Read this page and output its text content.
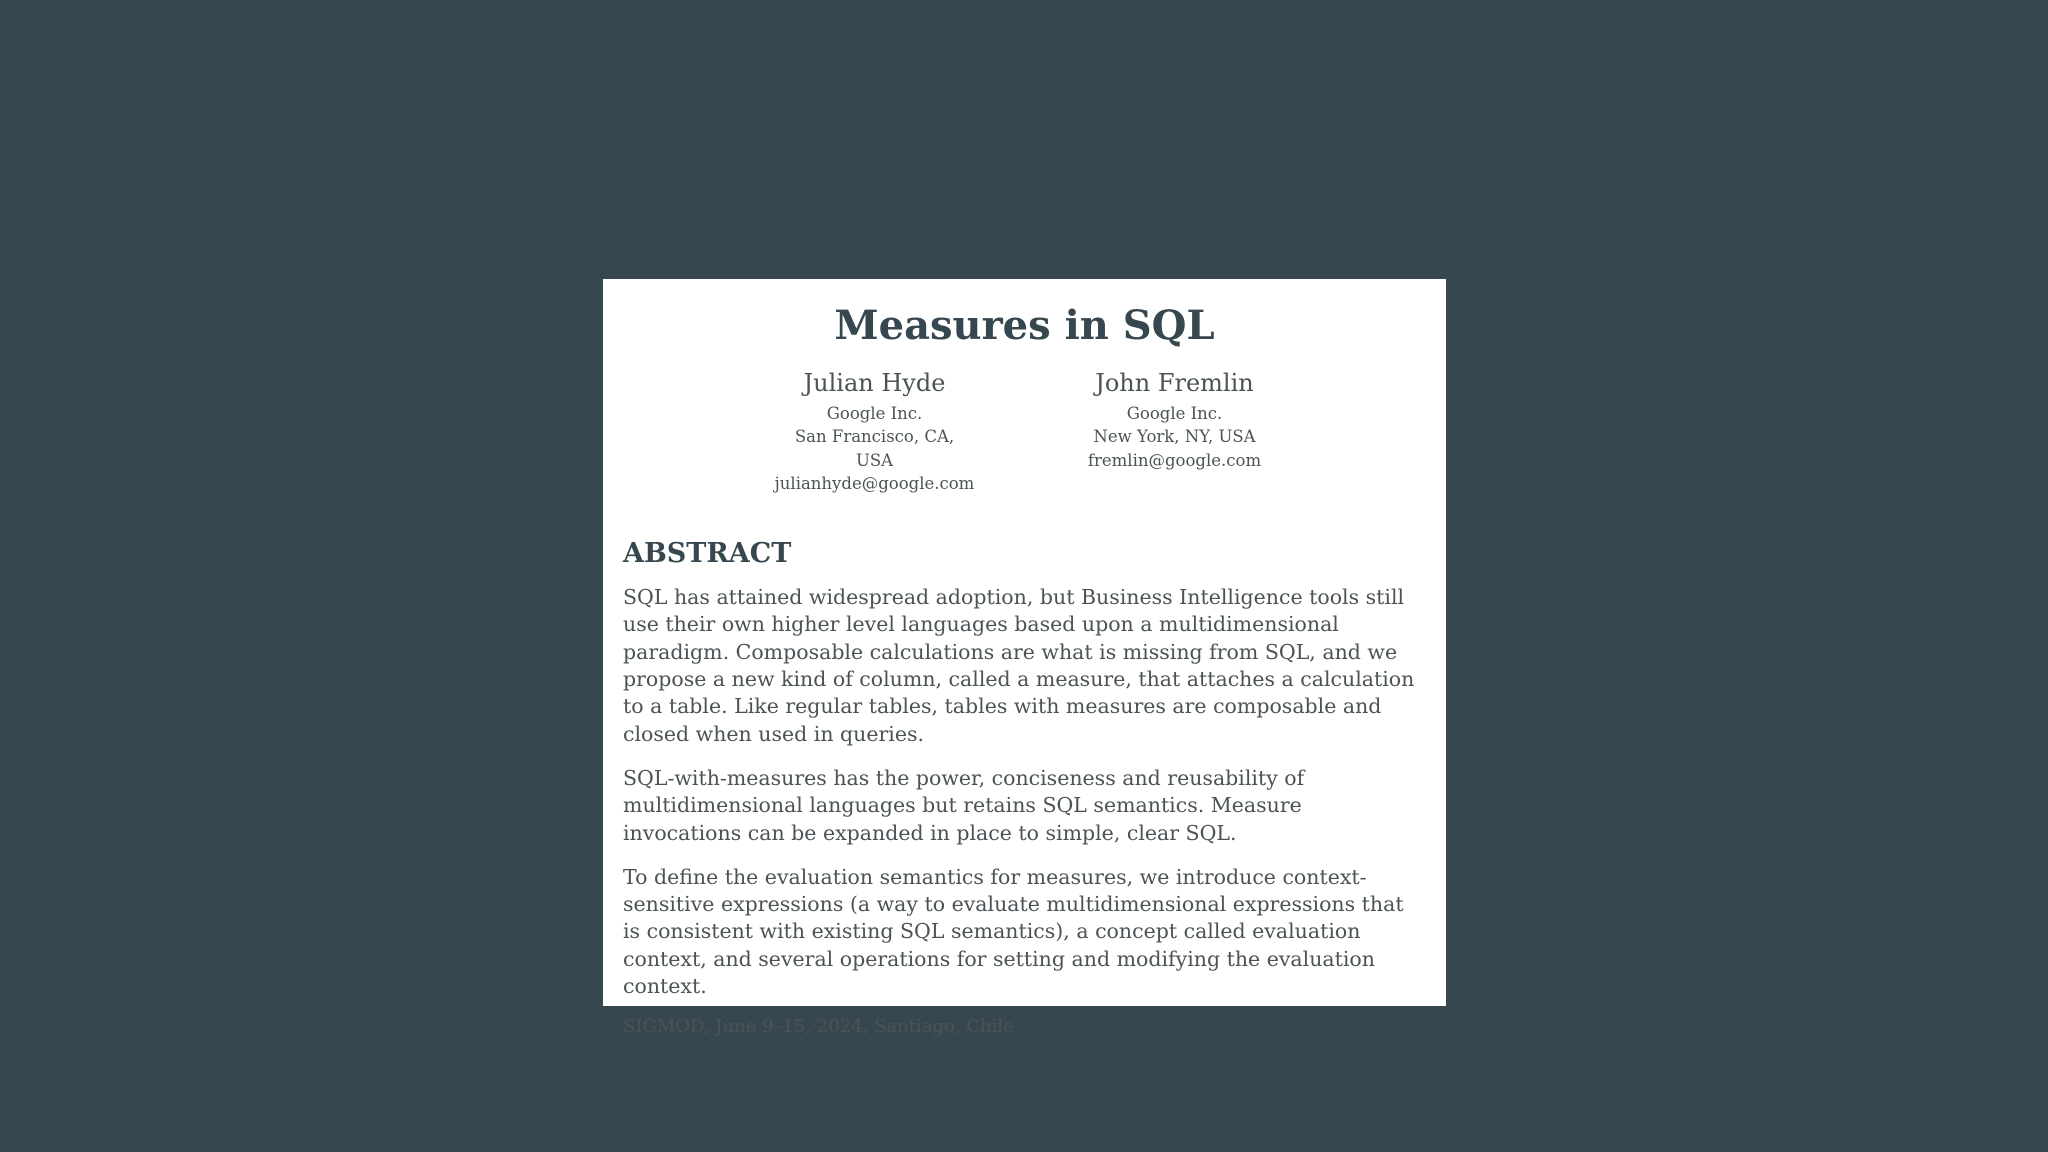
Measures in SQL
Julian Hyde
Google Inc.
San Francisco, CA, USA
julianhyde@google.com
John Fremlin
Google Inc.
New York, NY, USA
fremlin@google.com
ABSTRACT

SQL has attained widespread adoption, but Business Intelligence tools still use their own higher level languages based upon a multidimensional paradigm. Composable calculations are what is missing from SQL, and we propose a new kind of column, called a measure, that attaches a calculation to a table. Like regular tables, tables with measures are composable and closed when used in queries.

SQL-with-measures has the power, conciseness and reusability of multidimensional languages but retains SQL semantics. Measure invocations can be expanded in place to simple, clear SQL.

To define the evaluation semantics for measures, we introduce context-sensitive expressions (a way to evaluate multidimensional expressions that is consistent with existing SQL semantics), a concept called evaluation context, and several operations for setting and modifying the evaluation context.

SIGMOD, June 9–15, 2024, Santiago, Chile
